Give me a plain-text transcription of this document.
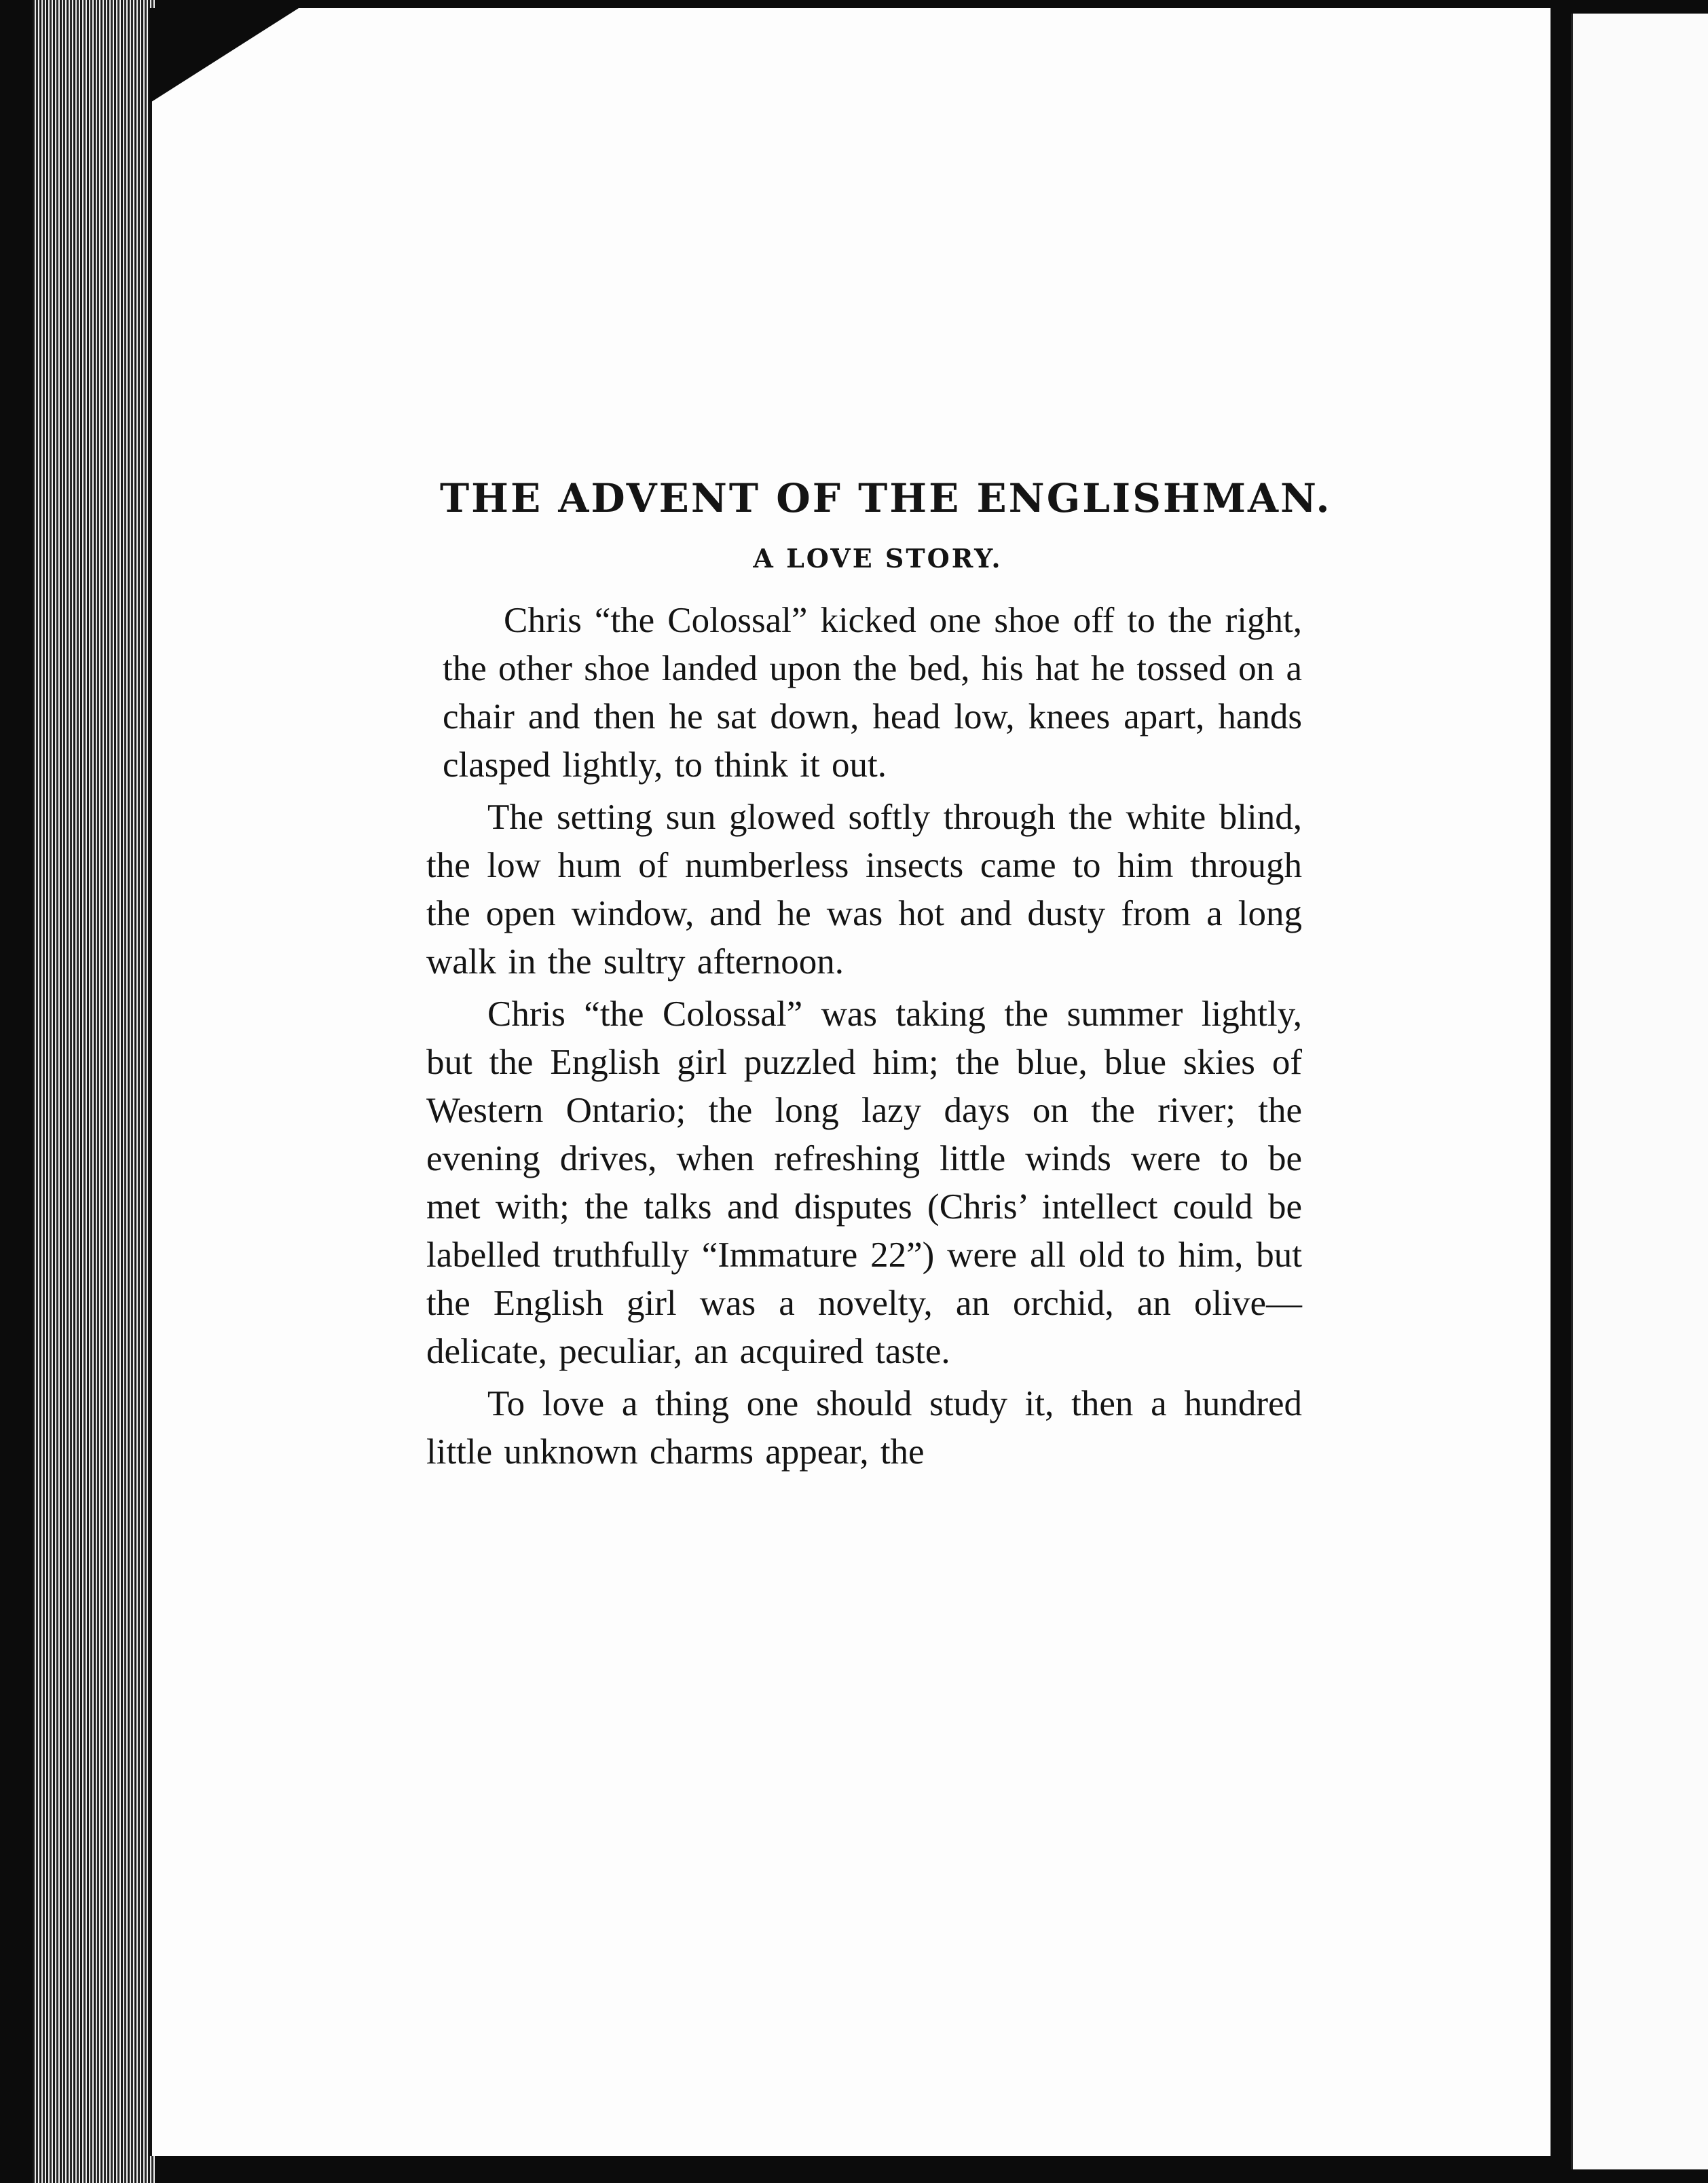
THE ADVENT OF THE ENGLISHMAN.
A LOVE STORY.

Chris “the Colossal” kicked one shoe off to the right, the other shoe landed upon the bed, his hat he tossed on a chair and then he sat down, head low, knees apart, hands clasped lightly, to think it out.

The setting sun glowed softly through the white blind, the low hum of numberless insects came to him through the open window, and he was hot and dusty from a long walk in the sultry afternoon.

Chris “the Colossal” was taking the summer lightly, but the English girl puzzled him; the blue, blue skies of Western Ontario; the long lazy days on the river; the evening drives, when refreshing little winds were to be met with; the talks and disputes (Chris’ intellect could be labelled truthfully “Immature 22”) were all old to him, but the English girl was a novelty, an orchid, an olive—delicate, peculiar, an acquired taste.

To love a thing one should study it, then a hundred little unknown charms appear, the
